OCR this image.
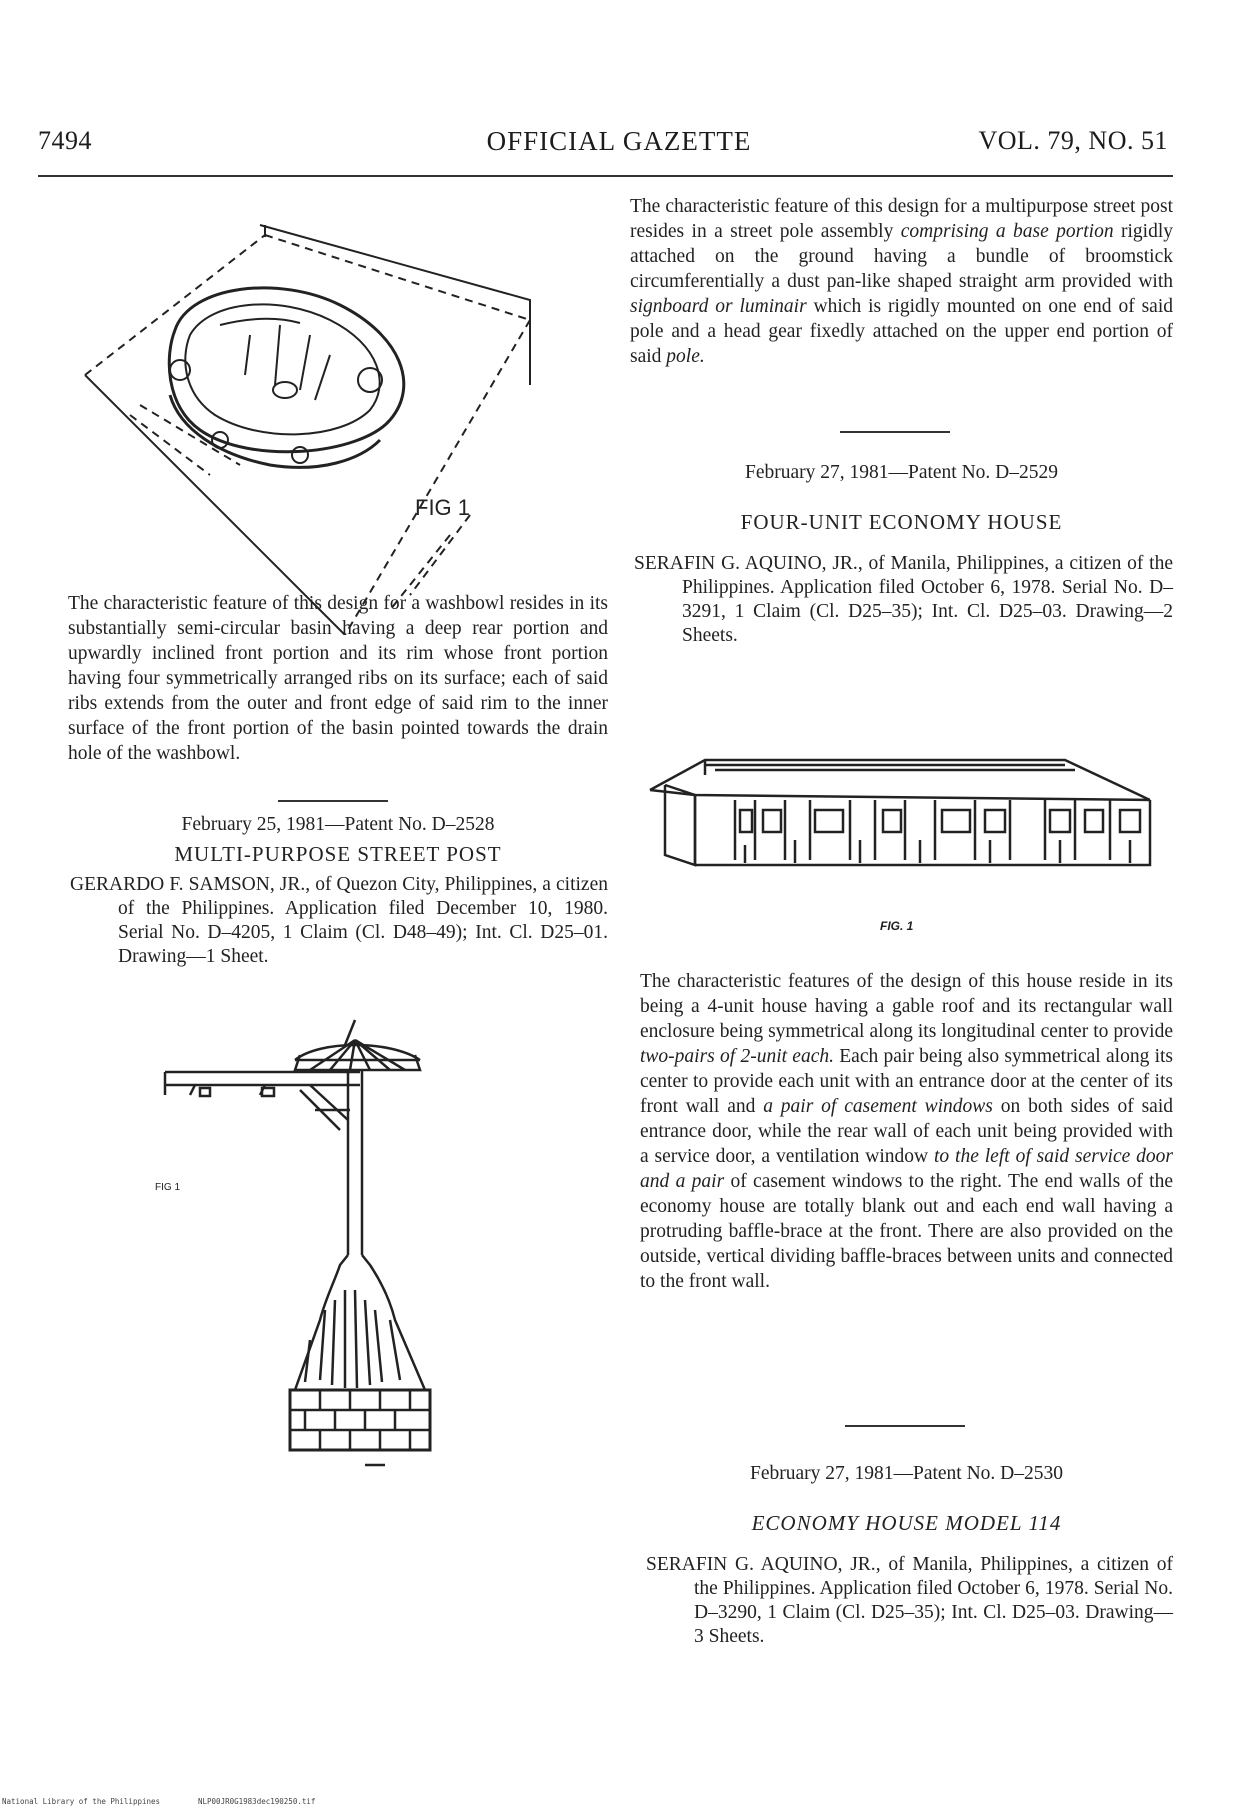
7494	OFFICIAL GAZETTE	VOL. 79, NO. 51
FIG 1
The characteristic feature of this design for a washbowl resides in its substantially semi-circular basin having a deep rear portion and upwardly inclined front portion and its rim whose front portion having four symmetrically arranged ribs on its surface; each of said ribs extends from the outer and front edge of said rim to the inner surface of the front portion of the basin pointed towards the drain hole of the washbowl.
February 25, 1981—Patent No. D–2528
MULTI-PURPOSE STREET POST
GERARDO F. SAMSON, JR., of Quezon City, Philippines, a citizen of the Philippines. Application filed December 10, 1980. Serial No. D–4205, 1 Claim (Cl. D48–49); Int. Cl. D25–01. Drawing—1 Sheet.
FIG 1
The characteristic feature of this design for a multipurpose street post resides in a street pole assembly comprising a base portion rigidly attached on the ground having a bundle of broomstick circumferentially a dust pan-like shaped straight arm provided with signboard or luminair which is rigidly mounted on one end of said pole and a head gear fixedly attached on the upper end portion of said pole.
February 27, 1981—Patent No. D–2529
FOUR-UNIT ECONOMY HOUSE
SERAFIN G. AQUINO, JR., of Manila, Philippines, a citizen of the Philippines. Application filed October 6, 1978. Serial No. D–3291, 1 Claim (Cl. D25–35); Int. Cl. D25–03. Drawing—2 Sheets.
FIG. 1
The characteristic features of the design of this house reside in its being a 4-unit house having a gable roof and its rectangular wall enclosure being symmetrical along its longitudinal center to provide two-pairs of 2-unit each. Each pair being also symmetrical along its center to provide each unit with an entrance door at the center of its front wall and a pair of casement windows on both sides of said entrance door, while the rear wall of each unit being provided with a service door, a ventilation window to the left of said service door and a pair of casement windows to the right. The end walls of the economy house are totally blank out and each end wall having a protruding baffle-brace at the front. There are also provided on the outside, vertical dividing baffle-braces between units and connected to the front wall.
February 27, 1981—Patent No. D–2530
ECONOMY HOUSE MODEL 114
SERAFIN G. AQUINO, JR., of Manila, Philippines, a citizen of the Philippines. Application filed October 6, 1978. Serial No. D–3290, 1 Claim (Cl. D25–35); Int. Cl. D25–03. Drawing—3 Sheets.
National Library of the Philippines	NLP00JR0G1983dec190250.tif
